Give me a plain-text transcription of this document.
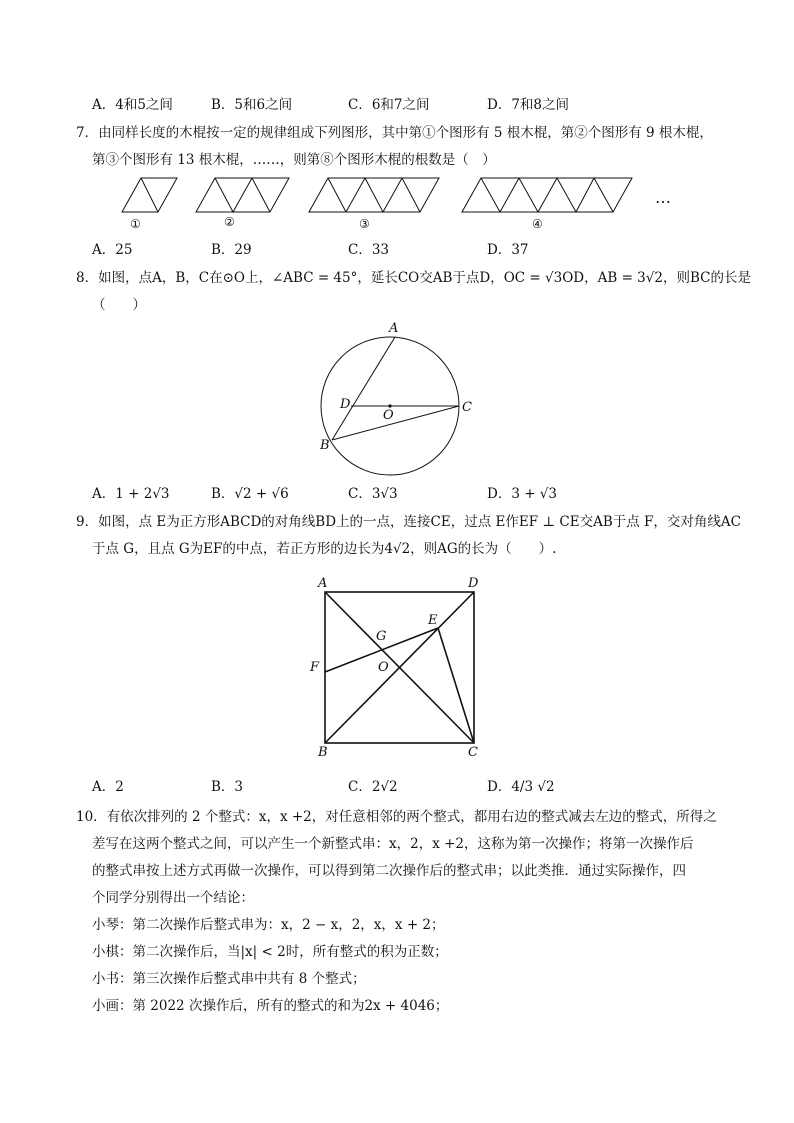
A．4和5之间	B．5和6之间	C．6和7之间	D．7和8之间
7．由同样长度的木棍按一定的规律组成下列图形，其中第①个图形有 5 根木棍，第②个图形有 9 根木棍，
第③个图形有 13 根木棍，……，则第⑧个图形木棍的根数是（　）
①	②	③	④
…
A．25	B．29	C．33	D．37
8．如图，点A，B，C在⊙O上，∠ABC = 45°，延长CO交AB于点D，OC = √3OD，AB = 3√2，则BC的长是
（　　）
A
D
O
C
B
A．1 + 2√3	B．√2 + √6	C．3√3	D．3 + √3
9．如图，点 E为正方形ABCD的对角线BD上的一点，连接CE，过点 E作EF ⊥ CE交AB于点 F，交对角线AC
于点 G，且点 G为EF的中点，若正方形的边长为4√2，则AG的长为（　　）.
A	D
E
G
F	O
B	C
A．2	B．3	C．2√2	D．4/3 √2
10．有依次排列的 2 个整式：x，x +2，对任意相邻的两个整式，都用右边的整式减去左边的整式，所得之
差写在这两个整式之间，可以产生一个新整式串：x，2，x +2，这称为第一次操作；将第一次操作后
的整式串按上述方式再做一次操作，可以得到第二次操作后的整式串；以此类推．通过实际操作，四
个同学分别得出一个结论：
小琴：第二次操作后整式串为：x，2 − x，2，x，x + 2；
小棋：第二次操作后，当|x| < 2时，所有整式的积为正数；
小书：第三次操作后整式串中共有 8 个整式；
小画：第 2022 次操作后，所有的整式的和为2x + 4046；
